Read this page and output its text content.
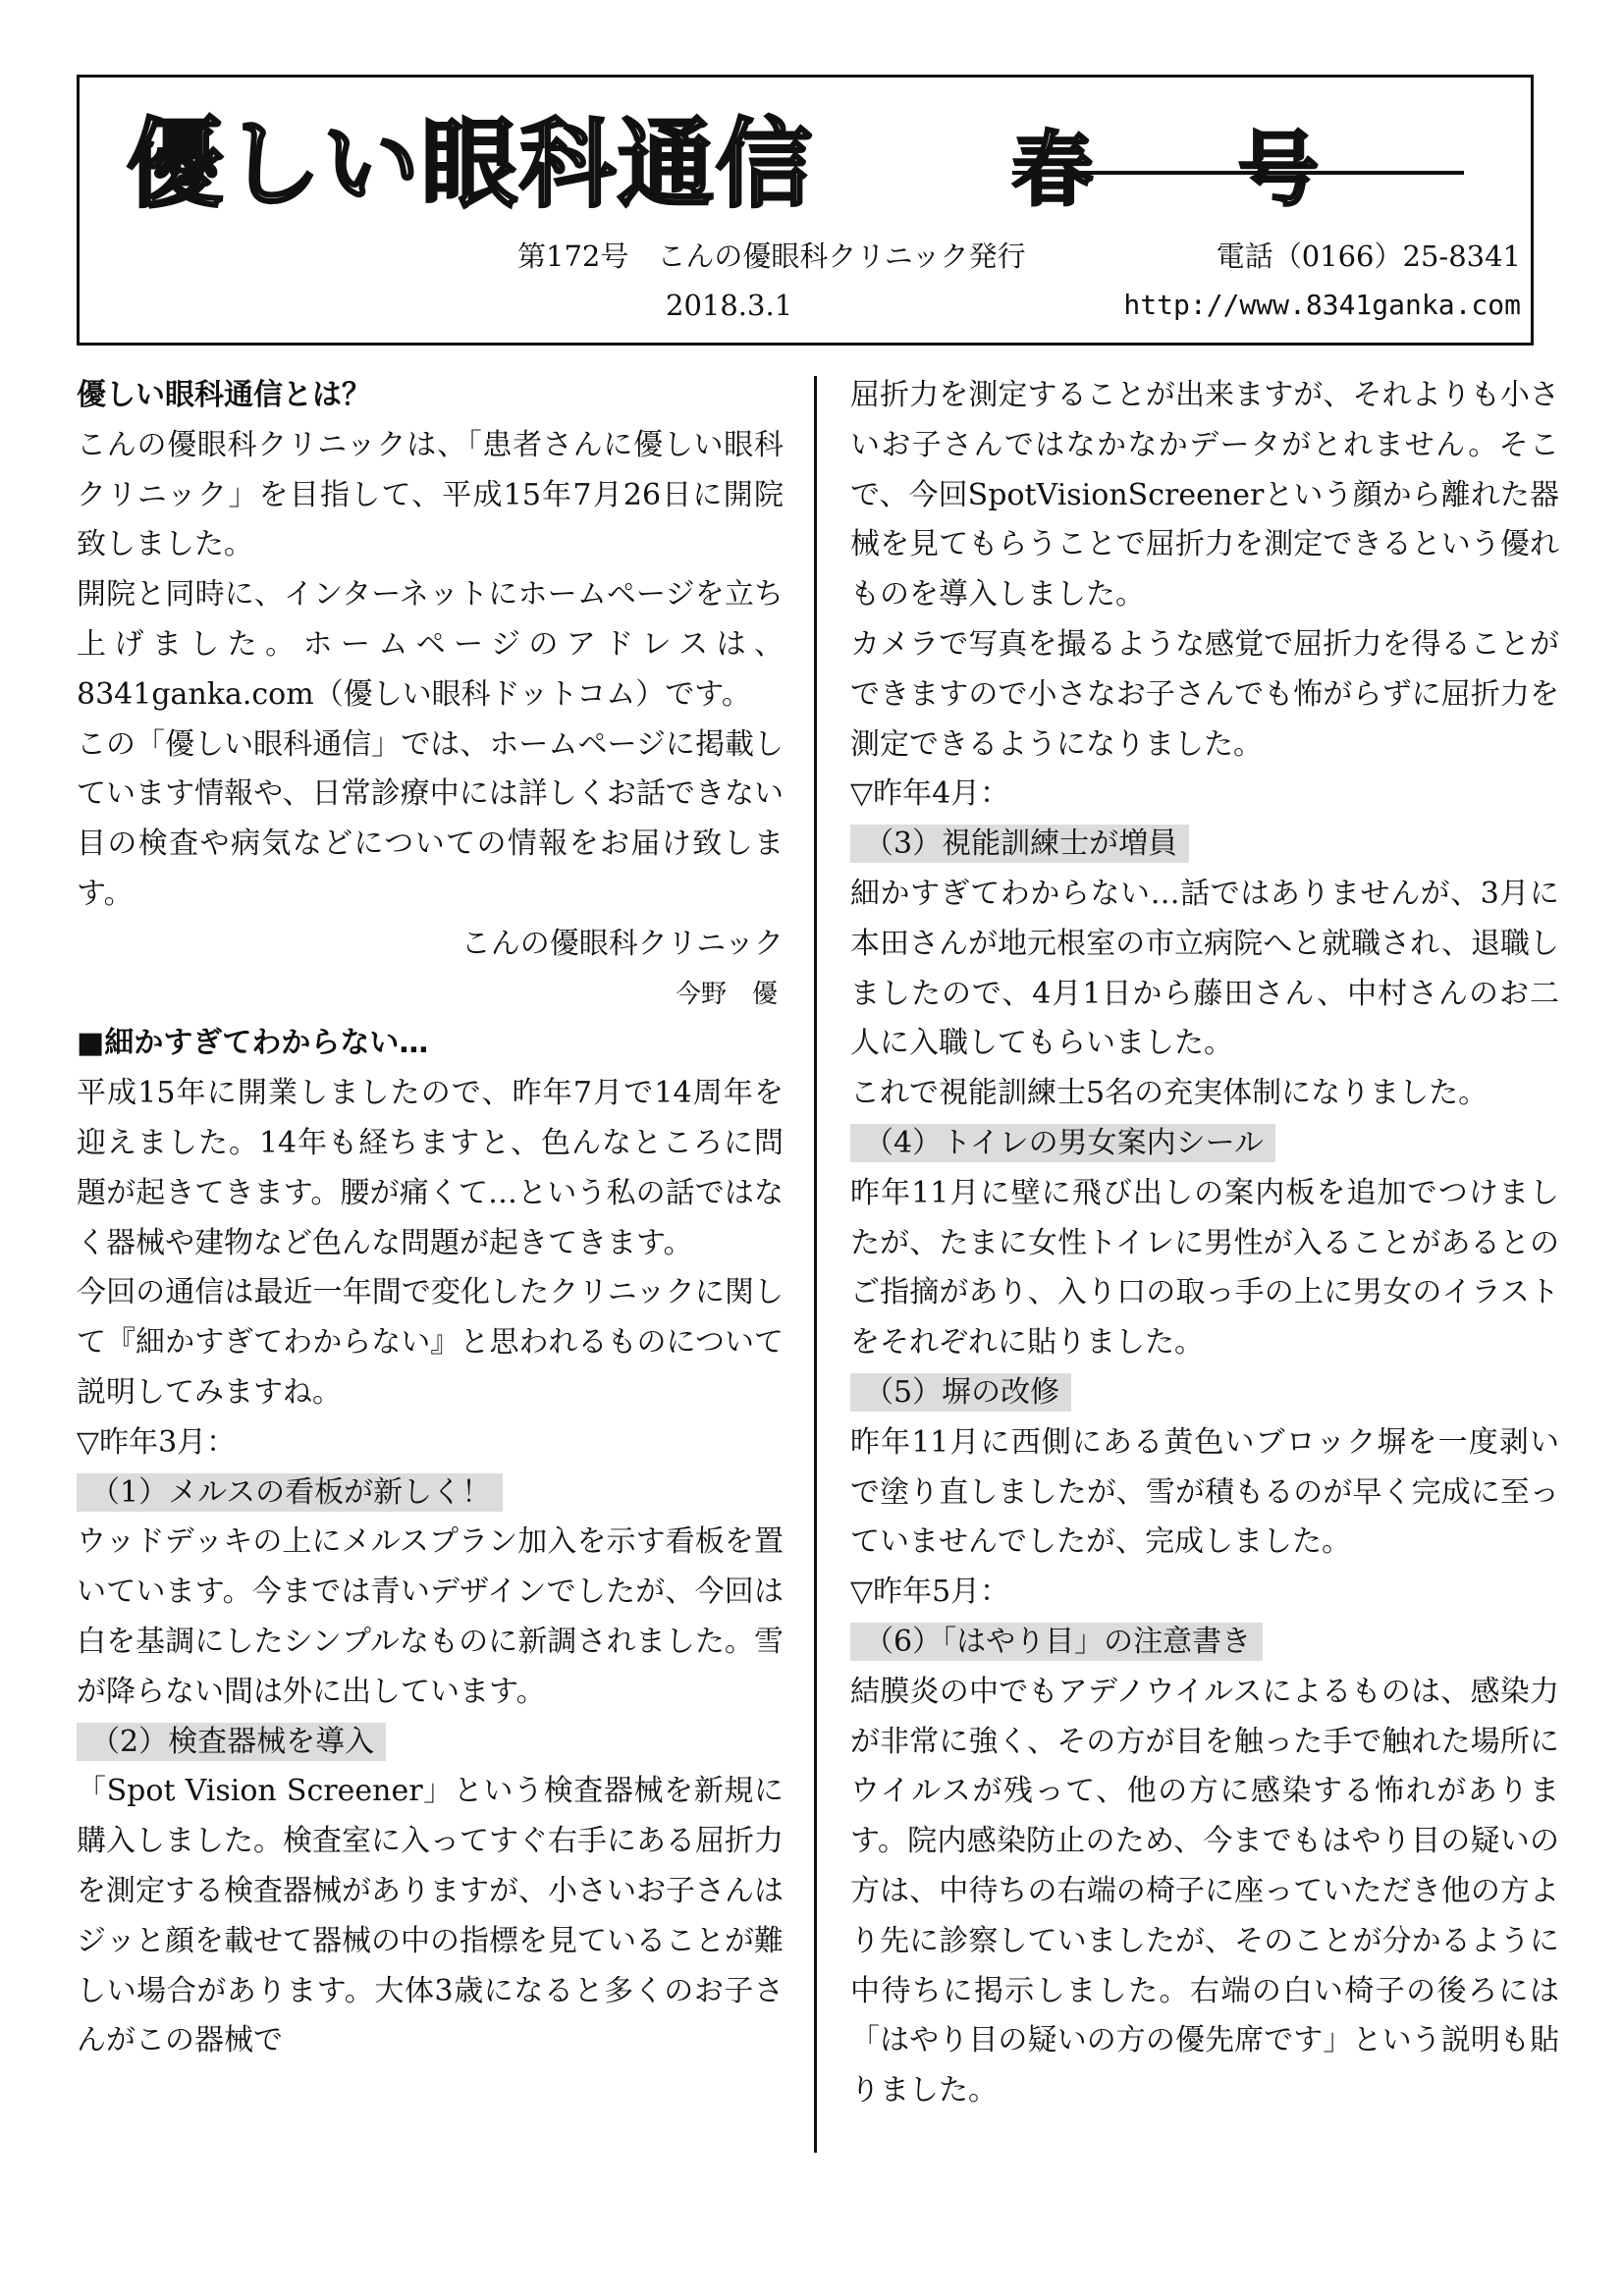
優しい眼科通信 春号
第172号　こんの優眼科クリニック発行	電話（0166）25-8341
2018.3.1	http://www.8341ganka.com
優しい眼科通信とは？

こんの優眼科クリニックは、「患者さんに優しい眼科クリニック」を目指して、平成15年7月26日に開院致しました。

開院と同時に、インターネットにホームページを立ち上げました。ホームページのアドレスは、8341ganka.com（優しい眼科ドットコム）です。

この「優しい眼科通信」では、ホームページに掲載しています情報や、日常診療中には詳しくお話できない目の検査や病気などについての情報をお届け致します。

こんの優眼科クリニック

今野　優

■細かすぎてわからない…

平成15年に開業しましたので、昨年7月で14周年を迎えました。14年も経ちますと、色んなところに問題が起きてきます。腰が痛くて…という私の話ではなく器械や建物など色んな問題が起きてきます。

今回の通信は最近一年間で変化したクリニックに関して『細かすぎてわからない』と思われるものについて説明してみますね。

▽昨年3月：
（1）メルスの看板が新しく！

ウッドデッキの上にメルスプラン加入を示す看板を置いています。今までは青いデザインでしたが、今回は白を基調にしたシンプルなものに新調されました。雪が降らない間は外に出しています。

（2）検査器械を導入

「Spot Vision Screener」という検査器械を新規に購入しました。検査室に入ってすぐ右手にある屈折力を測定する検査器械がありますが、小さいお子さんはジッと顔を載せて器械の中の指標を見ていることが難しい場合があります。大体3歳になると多くのお子さんがこの器械で

屈折力を測定することが出来ますが、それよりも小さいお子さんではなかなかデータがとれません。そこで、今回SpotVisionScreenerという顔から離れた器械を見てもらうことで屈折力を測定できるという優れものを導入しました。

カメラで写真を撮るような感覚で屈折力を得ることができますので小さなお子さんでも怖がらずに屈折力を測定できるようになりました。

▽昨年4月：
（3）視能訓練士が増員

細かすぎてわからない…話ではありませんが、3月に本田さんが地元根室の市立病院へと就職され、退職しましたので、4月1日から藤田さん、中村さんのお二人に入職してもらいました。

これで視能訓練士5名の充実体制になりました。

（4）トイレの男女案内シール

昨年11月に壁に飛び出しの案内板を追加でつけましたが、たまに女性トイレに男性が入ることがあるとのご指摘があり、入り口の取っ手の上に男女のイラストをそれぞれに貼りました。

（5）塀の改修

昨年11月に西側にある黄色いブロック塀を一度剥いで塗り直しましたが、雪が積もるのが早く完成に至っていませんでしたが、完成しました。

▽昨年5月：
（6）「はやり目」の注意書き

結膜炎の中でもアデノウイルスによるものは、感染力が非常に強く、その方が目を触った手で触れた場所にウイルスが残って、他の方に感染する怖れがあります。院内感染防止のため、今までもはやり目の疑いの方は、中待ちの右端の椅子に座っていただき他の方より先に診察していましたが、そのことが分かるように中待ちに掲示しました。右端の白い椅子の後ろには「はやり目の疑いの方の優先席です」という説明も貼りました。
